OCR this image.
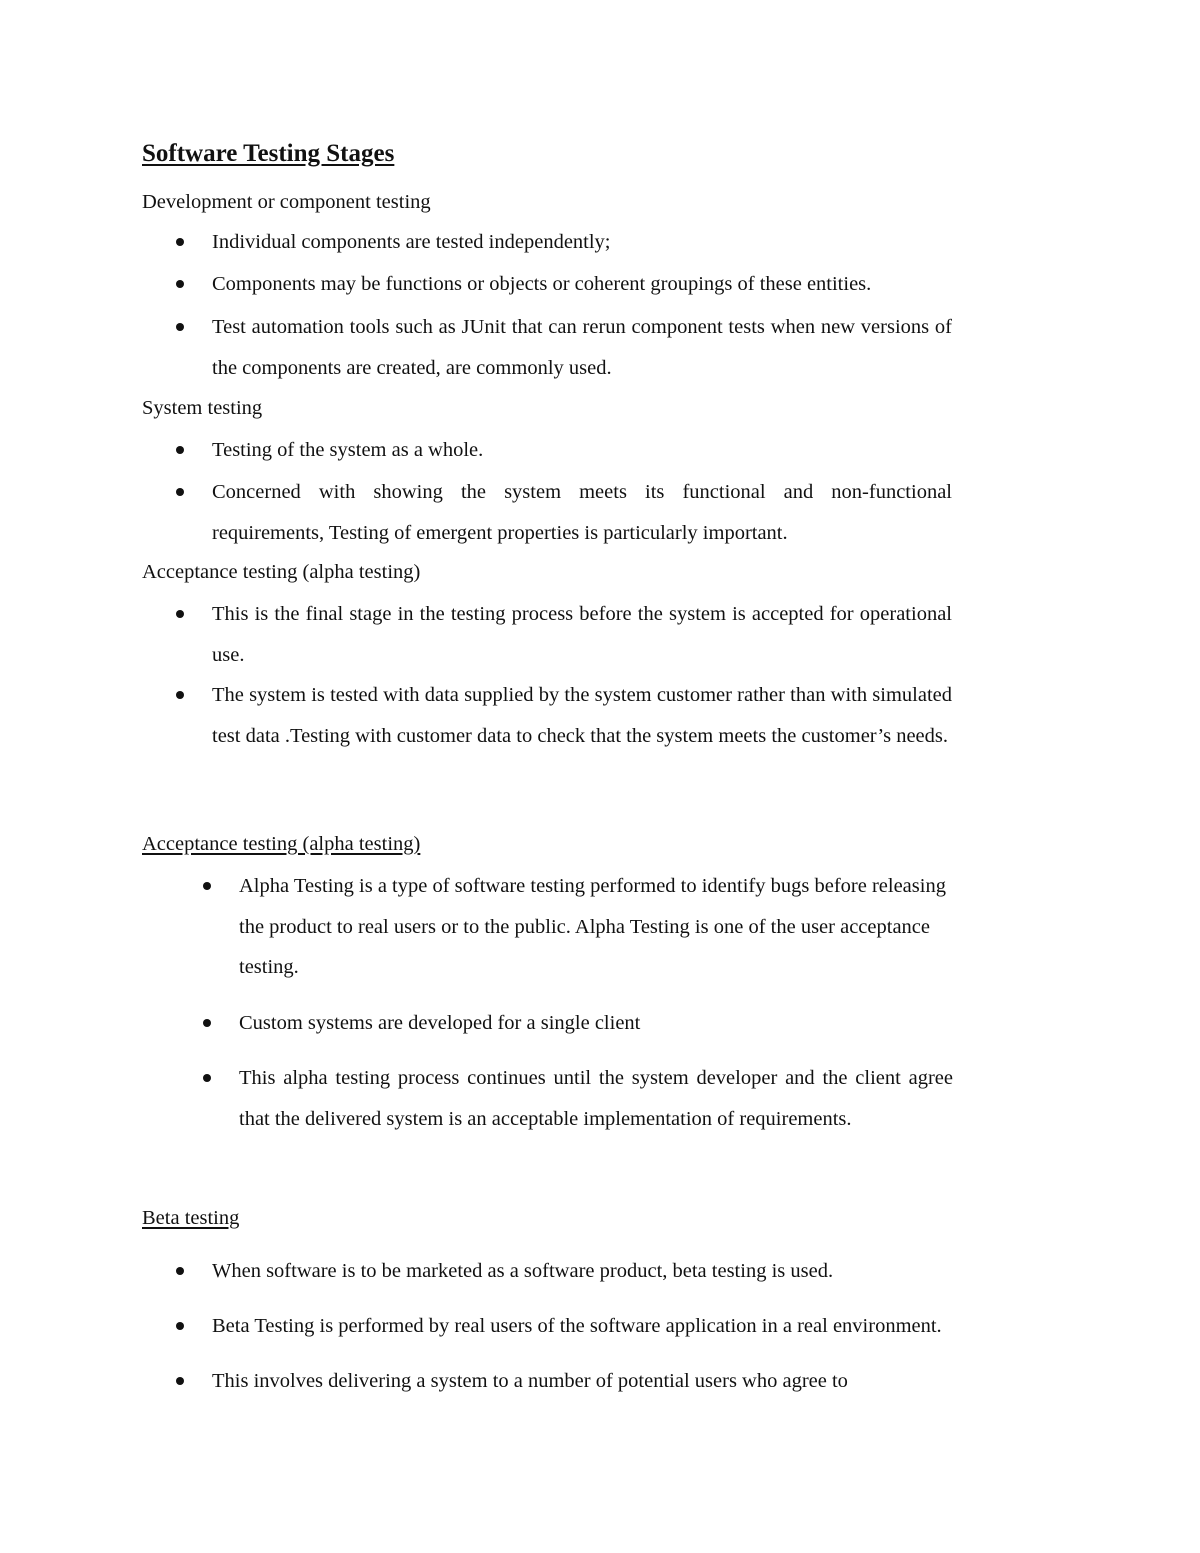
Software Testing Stages

Development or component testing

Individual components are tested independently;
Components may be functions or objects or coherent groupings of these entities.
Test automation tools such as JUnit that can rerun component tests when new versions of the components are created, are commonly used.

System testing

Testing of the system as a whole.
Concerned with showing the system meets its functional and non-functional requirements, Testing of emergent properties is particularly important.

Acceptance testing (alpha testing)

This is the final stage in the testing process before the system is accepted for operational use.
The system is tested with data supplied by the system customer rather than with simulated test data .Testing with customer data to check that the system meets the customer’s needs.

Acceptance testing (alpha testing)

Alpha Testing is a type of software testing performed to identify bugs before releasing the product to real users or to the public. Alpha Testing is one of the user acceptance testing.
Custom systems are developed for a single client
This alpha testing process continues until the system developer and the client agree that the delivered system is an acceptable implementation of requirements.

Beta testing

When software is to be marketed as a software product, beta testing is used.
Beta Testing is performed by real users of the software application in a real environment.
This involves delivering a system to a number of potential users who agree to
